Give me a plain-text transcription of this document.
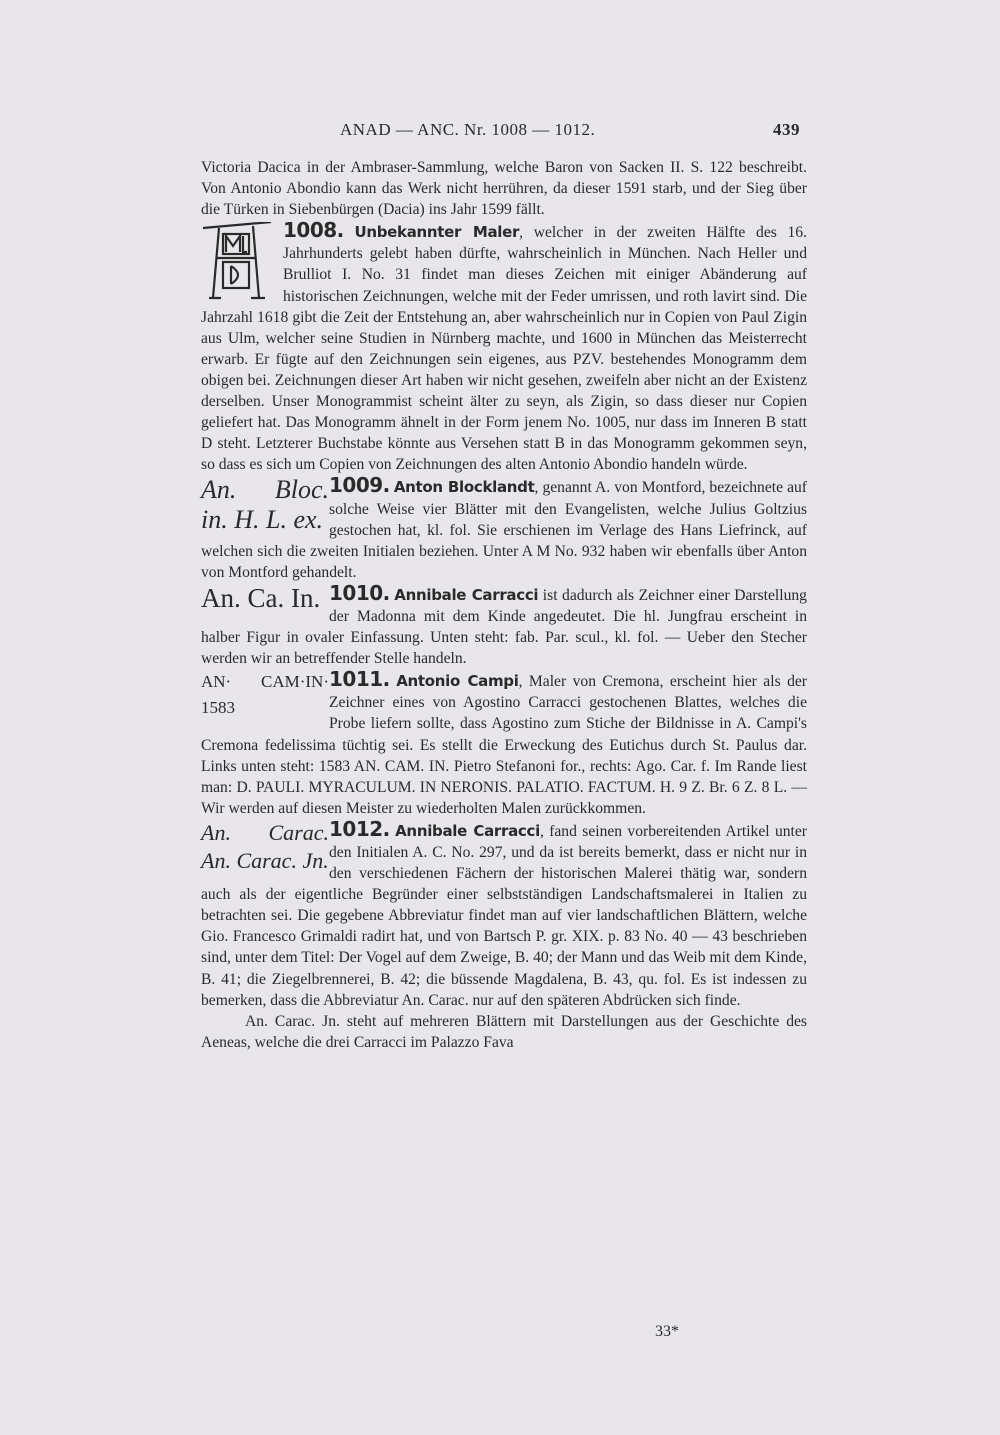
ANAD — ANC. Nr. 1008 — 1012.	439

Victoria Dacica in der Ambraser-Sammlung, welche Baron von Sacken II. S. 122 beschreibt. Von Antonio Abondio kann das Werk nicht herrühren, da dieser 1591 starb, und der Sieg über die Türken in Siebenbürgen (Dacia) ins Jahr 1599 fällt.

1008. Unbekannter Maler, welcher in der zweiten Hälfte des 16. Jahrhunderts gelebt haben dürfte, wahrscheinlich in München. Nach Heller und Brulliot I. No. 31 findet man dieses Zeichen mit einiger Abänderung auf historischen Zeichnungen, welche mit der Feder umrissen, und roth lavirt sind. Die Jahrzahl 1618 gibt die Zeit der Entstehung an, aber wahrscheinlich nur in Copien von Paul Zigin aus Ulm, welcher seine Studien in Nürnberg machte, und 1600 in München das Meisterrecht erwarb. Er fügte auf den Zeichnungen sein eigenes, aus PZV. bestehendes Monogramm dem obigen bei. Zeichnungen dieser Art haben wir nicht gesehen, zweifeln aber nicht an der Existenz derselben. Unser Monogrammist scheint älter zu seyn, als Zigin, so dass dieser nur Copien geliefert hat. Das Monogramm ähnelt in der Form jenem No. 1005, nur dass im Inneren B statt D steht. Letzterer Buchstabe könnte aus Versehen statt B in das Monogramm gekommen seyn, so dass es sich um Copien von Zeichnungen des alten Antonio Abondio handeln würde.

An. Bloc. in. H. L. ex.
1009. Anton Blocklandt, genannt A. von Montford, bezeichnete auf solche Weise vier Blätter mit den Evangelisten, welche Julius Goltzius gestochen hat, kl. fol. Sie erschienen im Verlage des Hans Liefrinck, auf welchen sich die zweiten Initialen beziehen. Unter A M No. 932 haben wir ebenfalls über Anton von Montford gehandelt.

An. Ca. In. 1010. Annibale Carracci ist dadurch als Zeichner einer Darstellung der Madonna mit dem Kinde angedeutet. Die hl. Jungfrau erscheint in halber Figur in ovaler Einfassung. Unten steht: fab. Par. scul., kl. fol. — Ueber den Stecher werden wir an betreffender Stelle handeln.

AN· CAM·IN· 1583
1011. Antonio Campi, Maler von Cremona, erscheint hier als der Zeichner eines von Agostino Carracci gestochenen Blattes, welches die Probe liefern sollte, dass Agostino zum Stiche der Bildnisse in A. Campi's Cremona fedelissima tüchtig sei. Es stellt die Erweckung des Eutichus durch St. Paulus dar. Links unten steht: 1583 AN. CAM. IN. Pietro Stefanoni for., rechts: Ago. Car. f. Im Rande liest man: D. PAULI. MYRACULUM. IN NERONIS. PALATIO. FACTUM. H. 9 Z. Br. 6 Z. 8 L. — Wir werden auf diesen Meister zu wiederholten Malen zurückkommen.

An. Carac. An. Carac. Jn.
1012. Annibale Carracci, fand seinen vorbereitenden Artikel unter den Initialen A. C. No. 297, und da ist bereits bemerkt, dass er nicht nur in den verschiedenen Fächern der historischen Malerei thätig war, sondern auch als der eigentliche Begründer einer selbstständigen Landschaftsmalerei in Italien zu betrachten sei. Die gegebene Abbreviatur findet man auf vier landschaftlichen Blättern, welche Gio. Francesco Grimaldi radirt hat, und von Bartsch P. gr. XIX. p. 83 No. 40 — 43 beschrieben sind, unter dem Titel: Der Vogel auf dem Zweige, B. 40; der Mann und das Weib mit dem Kinde, B. 41; die Ziegelbrennerei, B. 42; die büssende Magdalena, B. 43, qu. fol. Es ist indessen zu bemerken, dass die Abbreviatur An. Carac. nur auf den späteren Abdrücken sich finde.

An. Carac. Jn. steht auf mehreren Blättern mit Darstellungen aus der Geschichte des Aeneas, welche die drei Carracci im Palazzo Fava

33*
